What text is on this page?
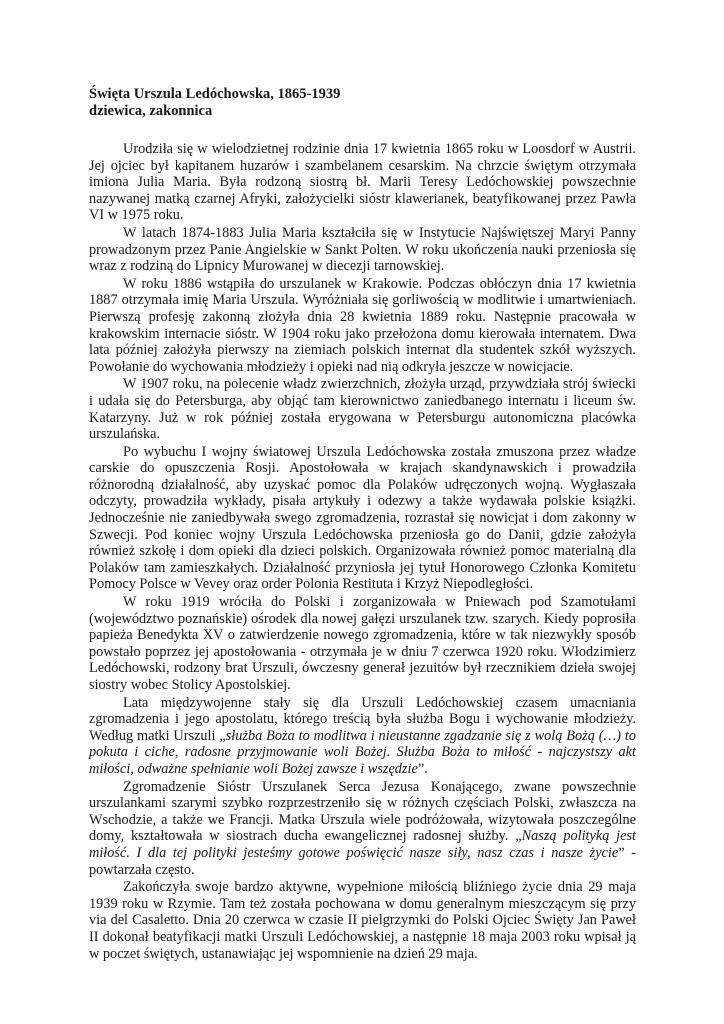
Święta Urszula Ledóchowska, 1865-1939
dziewica, zakonnica

Urodziła się w wielodzietnej rodzinie dnia 17 kwietnia 1865 roku w Loosdorf w Austrii. Jej ojciec był kapitanem huzarów i szambelanem cesarskim. Na chrzcie świętym otrzymała imiona Julia Maria. Była rodzoną siostrą bł. Marii Teresy Ledóchowskiej powszechnie nazywanej matką czarnej Afryki, założycielki sióstr klawerianek, beatyfikowanej przez Pawła VI w 1975 roku.

W latach 1874-1883 Julia Maria kształciła się w Instytucie Najświętszej Maryi Panny prowadzonym przez Panie Angielskie w Sankt Polten. W roku ukończenia nauki przeniosła się wraz z rodziną do Lipnicy Murowanej w diecezji tarnowskiej.

W roku 1886 wstąpiła do urszulanek w Krakowie. Podczas obłóczyn dnia 17 kwietnia 1887 otrzymała imię Maria Urszula. Wyróżniała się gorliwością w modlitwie i umartwieniach. Pierwszą profesję zakonną złożyła dnia 28 kwietnia 1889 roku. Następnie pracowała w krakowskim internacie sióstr. W 1904 roku jako przełożona domu kierowała internatem. Dwa lata później założyła pierwszy na ziemiach polskich internat dla studentek szkół wyższych. Powołanie do wychowania młodzieży i opieki nad nią odkryła jeszcze w nowicjacie.

W 1907 roku, na polecenie władz zwierzchnich, złożyła urząd, przywdziała strój świecki i udała się do Petersburga, aby objąć tam kierownictwo zaniedbanego internatu i liceum św. Katarzyny. Już w rok później została erygowana w Petersburgu autonomiczna placówka urszulańska.

Po wybuchu I wojny światowej Urszula Ledóchowska została zmuszona przez władze carskie do opuszczenia Rosji. Apostołowała w krajach skandynawskich i prowadziła różnorodną działalność, aby uzyskać pomoc dla Polaków udręczonych wojną. Wygłaszała odczyty, prowadziła wykłady, pisała artykuły i odezwy a także wydawała polskie książki. Jednocześnie nie zaniedbywała swego zgromadzenia, rozrastał się nowicjat i dom zakonny w Szwecji. Pod koniec wojny Urszula Ledóchowska przeniosła go do Danii, gdzie założyła również szkołę i dom opieki dla dzieci polskich. Organizowała również pomoc materialną dla Polaków tam zamieszkałych. Działalność przyniosła jej tytuł Honorowego Członka Komitetu Pomocy Polsce w Vevey oraz order Polonia Restituta i Krzyż Niepodległości.

W roku 1919 wróciła do Polski i zorganizowała w Pniewach pod Szamotułami (województwo poznańskie) ośrodek dla nowej gałęzi urszulanek tzw. szarych. Kiedy poprosiła papieża Benedykta XV o zatwierdzenie nowego zgromadzenia, które w tak niezwykły sposób powstało poprzez jej apostołowania - otrzymała je w dniu 7 czerwca 1920 roku. Włodzimierz Ledóchowski, rodzony brat Urszuli, ówczesny generał jezuitów był rzecznikiem dzieła swojej siostry wobec Stolicy Apostolskiej.

Lata międzywojenne stały się dla Urszuli Ledóchowskiej czasem umacniania zgromadzenia i jego apostolatu, którego treścią była służba Bogu i wychowanie młodzieży. Według matki Urszuli „służba Boża to modlitwa i nieustanne zgadzanie się z wolą Bożą (…) to pokuta i ciche, radosne przyjmowanie woli Bożej. Służba Boża to miłość - najczystszy akt miłości, odważne spełnianie woli Bożej zawsze i wszędzie”.

Zgromadzenie Sióstr Urszulanek Serca Jezusa Konającego, zwane powszechnie urszulankami szarymi szybko rozprzestrzeniło się w różnych częściach Polski, zwłaszcza na Wschodzie, a także we Francji. Matka Urszula wiele podróżowała, wizytowała poszczególne domy, kształtowała w siostrach ducha ewangelicznej radosnej służby. „Naszą polityką jest miłość. I dla tej polityki jesteśmy gotowe poświęcić nasze siły, nasz czas i nasze życie” - powtarzała często.

Zakończyła swoje bardzo aktywne, wypełnione miłością bliźniego życie dnia 29 maja 1939 roku w Rzymie. Tam też została pochowana w domu generalnym mieszczącym się przy via del Casaletto. Dnia 20 czerwca w czasie II pielgrzymki do Polski Ojciec Święty Jan Paweł II dokonał beatyfikacji matki Urszuli Ledóchowskiej, a następnie 18 maja 2003 roku wpisał ją w poczet świętych, ustanawiając jej wspomnienie na dzień 29 maja.
